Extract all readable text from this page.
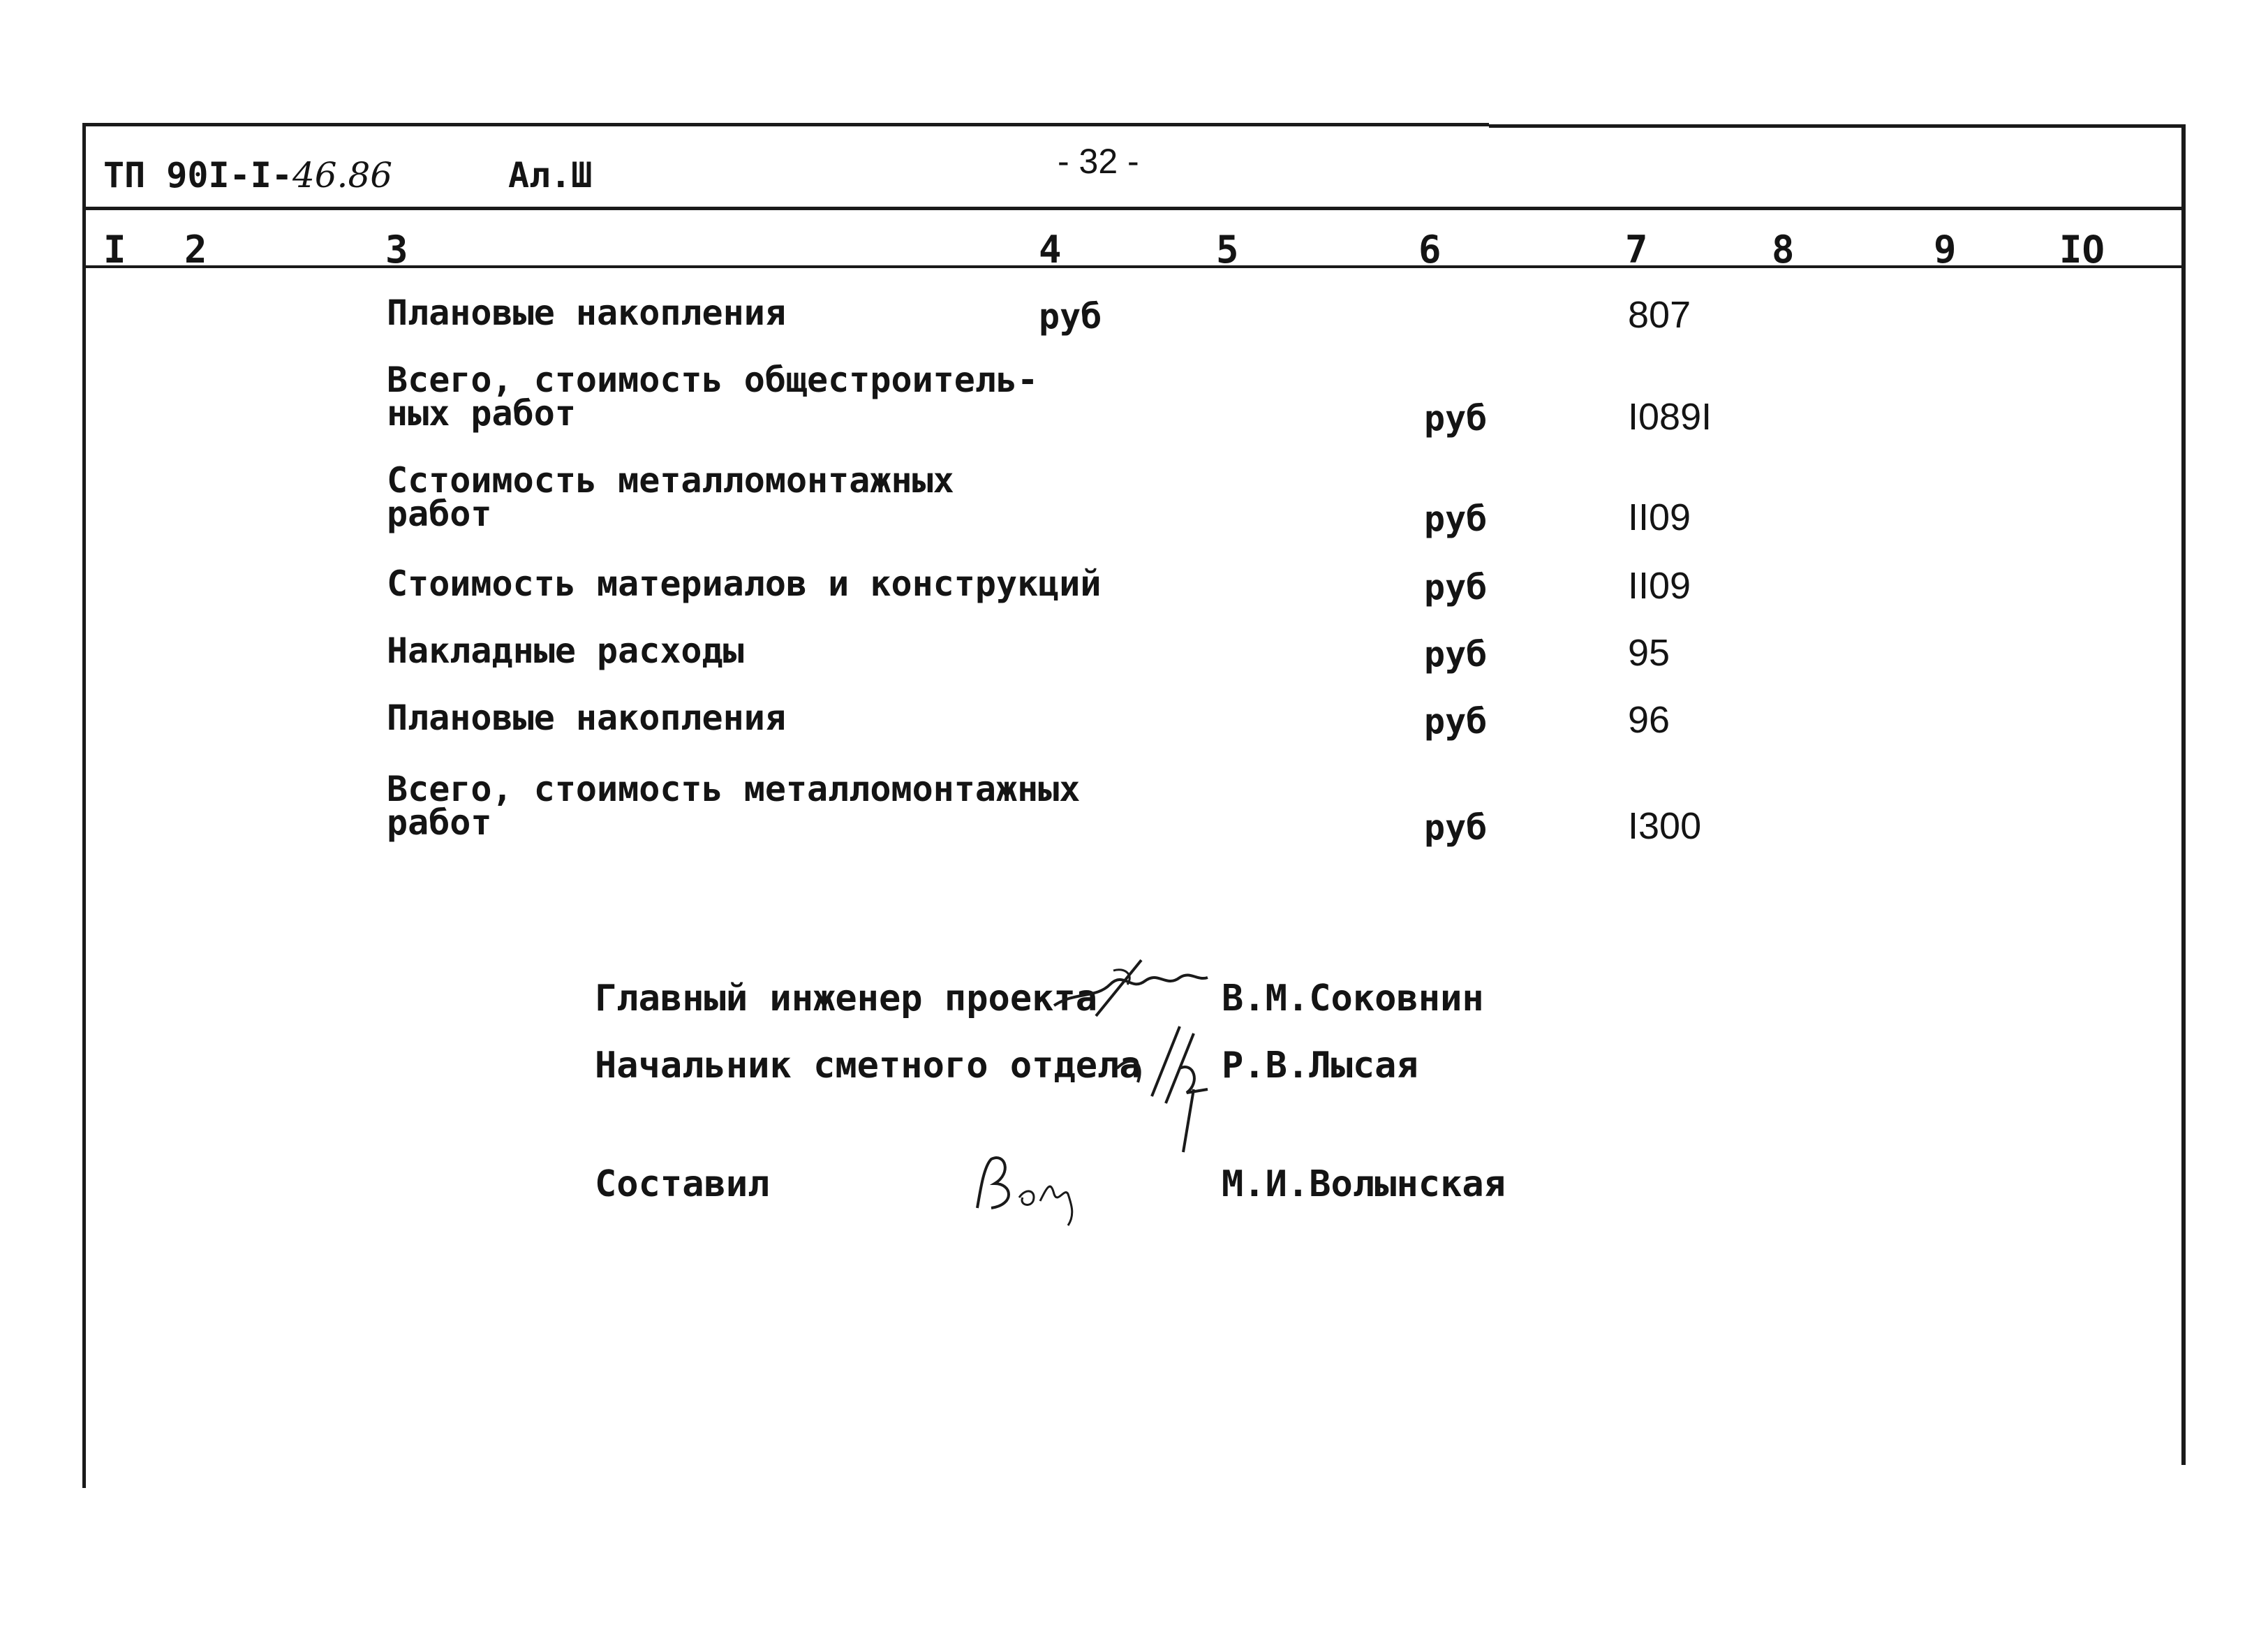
ТП 90I-I-46.86	Ал.Ш	- 32 -
I 2	3	4	5	6	7	8	9	IO
Плановые накопления	руб	807
Всего, стоимость общестроитель-
ных работ	руб	I089I
Сстоимость металломонтажных
работ	руб	II09
Стоимость материалов и конструкций	руб	II09
Накладные расходы	руб	95
Плановые накопления	руб	96
Всего, стоимость металломонтажных
работ	руб	I300
Главный инженер проекта	В.М.Соковнин
Начальник сметного отдела Р.В.Лысая
Составил	М.И.Волынская
